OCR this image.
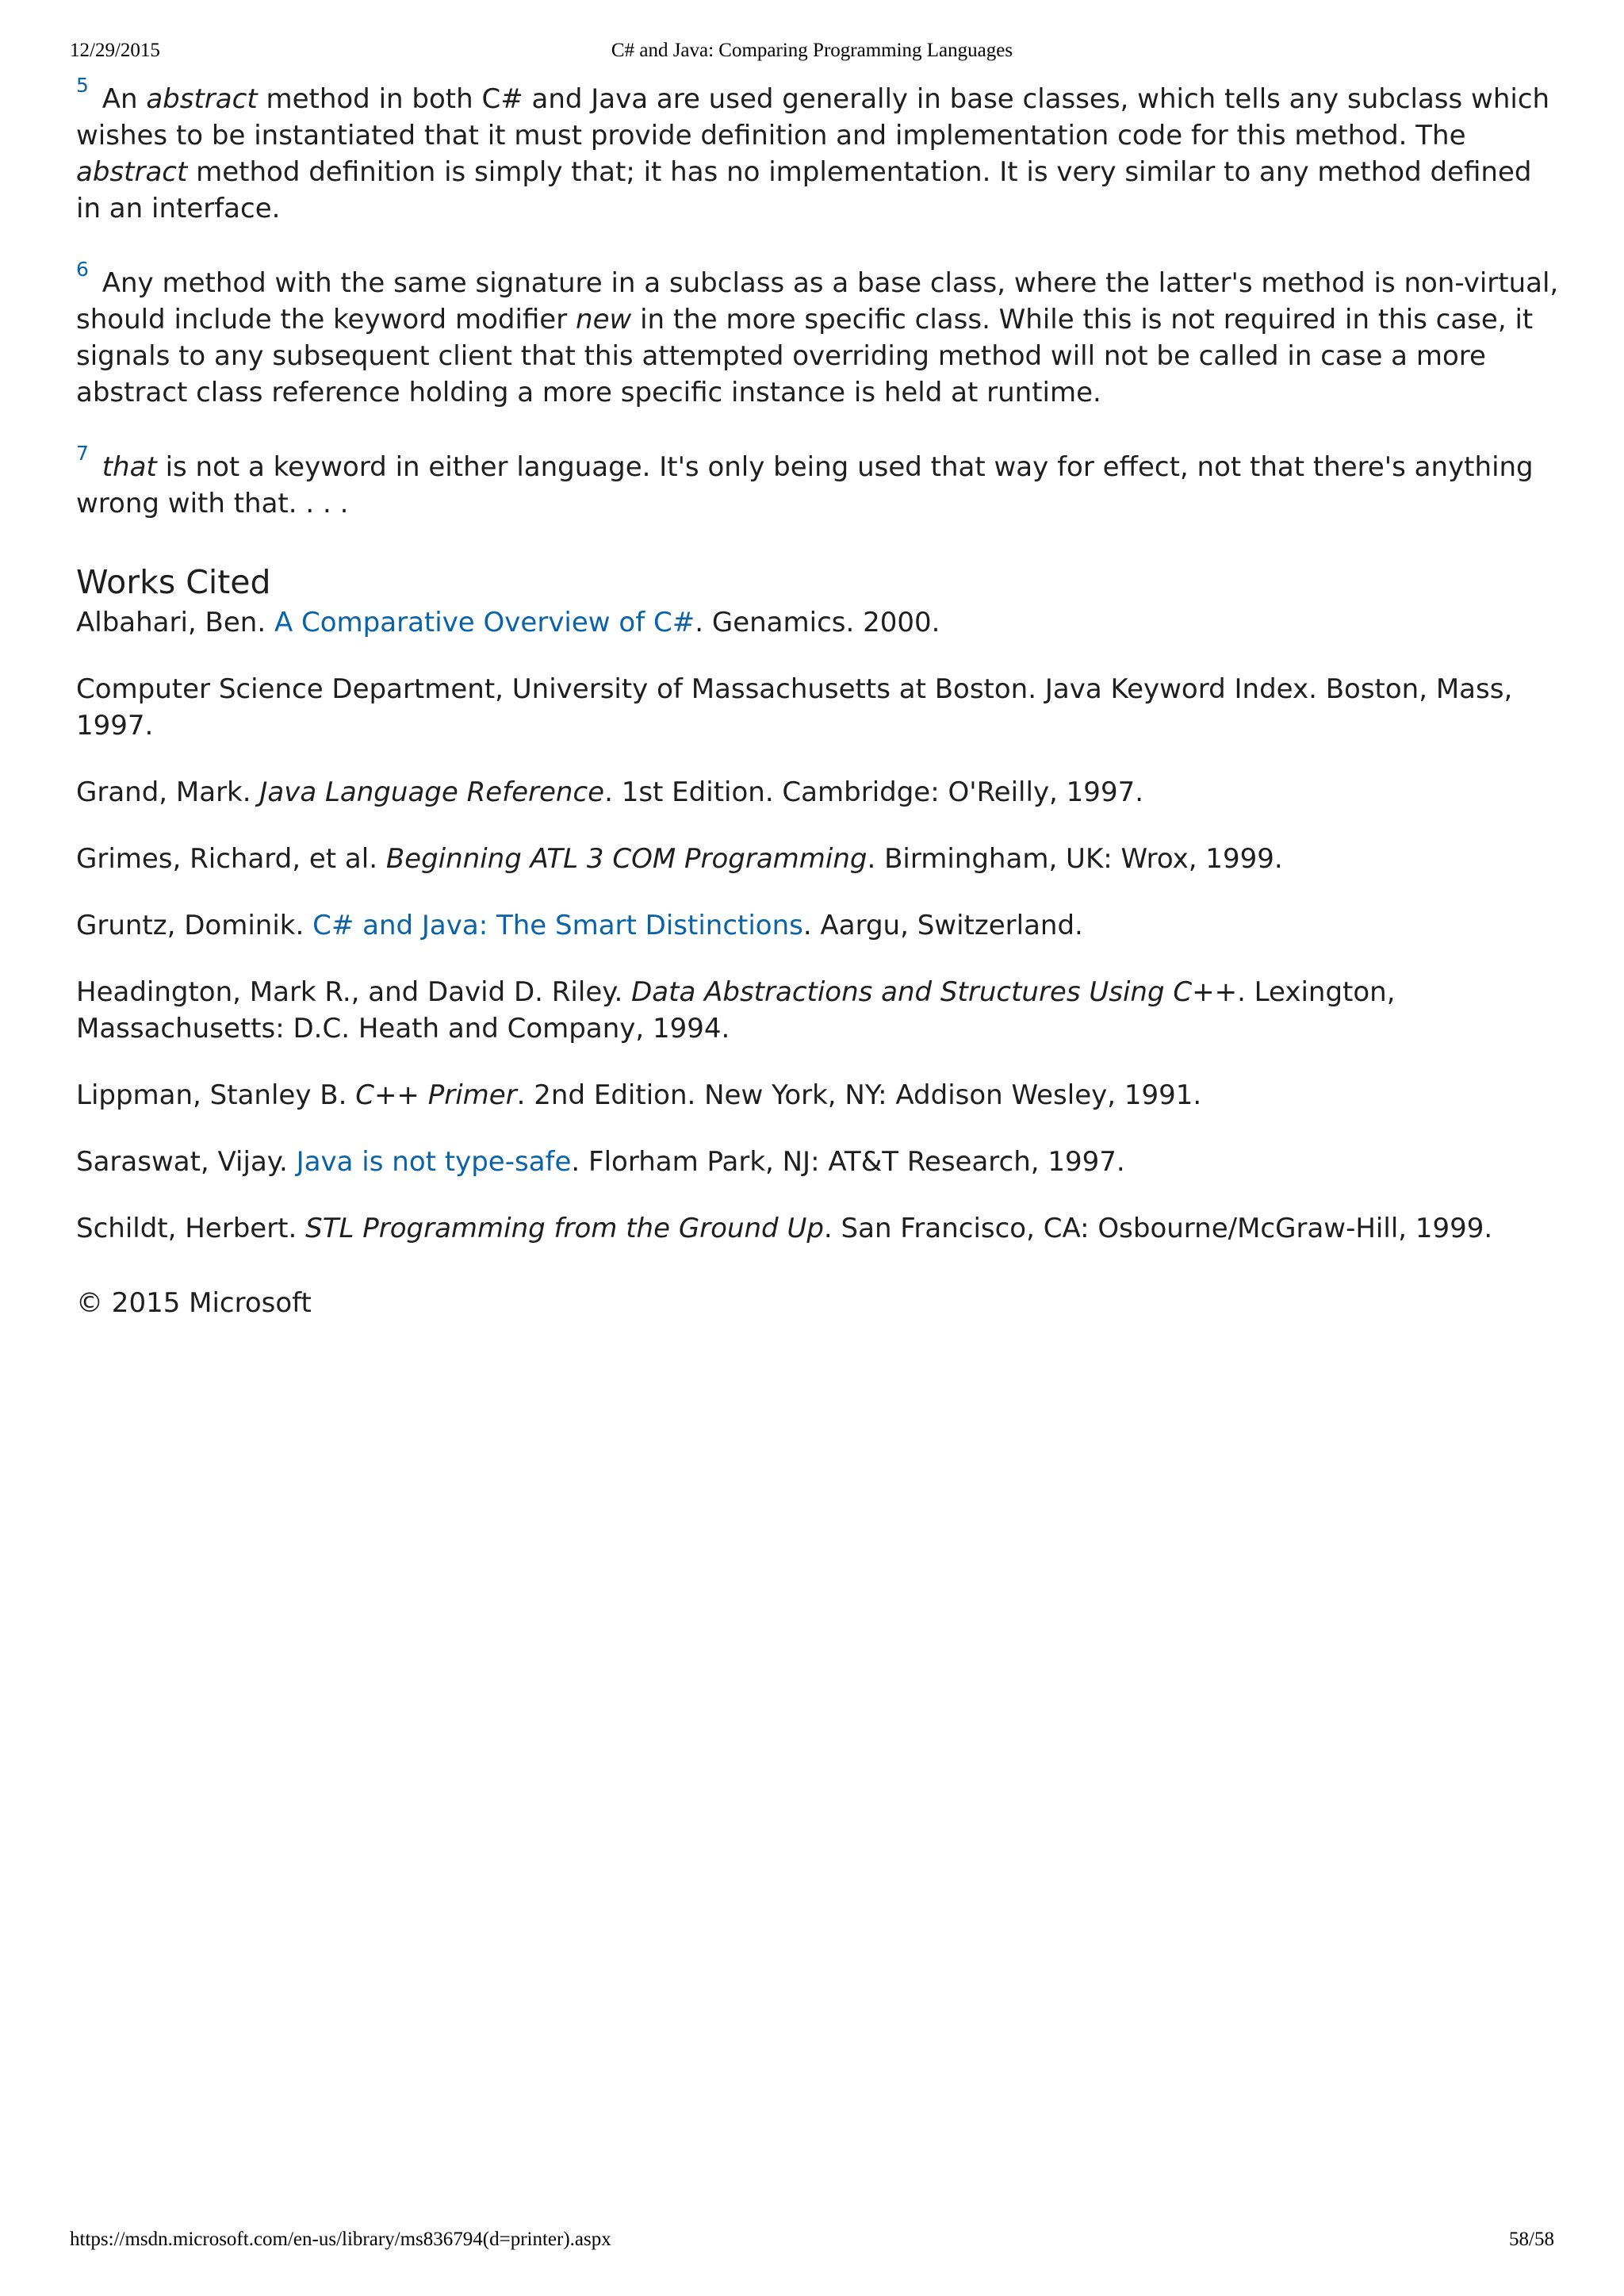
12/29/2015	C# and Java: Comparing Programming Languages

$^5$ An abstract method in both C# and Java are used generally in base classes, which tells any subclass which wishes to be instantiated that it must provide definition and implementation code for this method. The abstract method definition is simply that; it has no implementation. It is very similar to any method defined in an interface.

$^6$ Any method with the same signature in a subclass as a base class, where the latter's method is non-virtual, should include the keyword modifier new in the more specific class. While this is not required in this case, it signals to any subsequent client that this attempted overriding method will not be called in case a more abstract class reference holding a more specific instance is held at runtime.

$^7$ that is not a keyword in either language. It's only being used that way for effect, not that there's anything wrong with that. . . .

Works Cited

Albahari, Ben. A Comparative Overview of C#. Genamics. 2000.

Computer Science Department, University of Massachusetts at Boston. Java Keyword Index. Boston, Mass, 1997.

Grand, Mark. Java Language Reference. 1st Edition. Cambridge: O'Reilly, 1997.

Grimes, Richard, et al. Beginning ATL 3 COM Programming. Birmingham, UK: Wrox, 1999.

Gruntz, Dominik. C# and Java: The Smart Distinctions. Aargu, Switzerland.

Headington, Mark R., and David D. Riley. Data Abstractions and Structures Using C++. Lexington, Massachusetts: D.C. Heath and Company, 1994.

Lippman, Stanley B. C++ Primer. 2nd Edition. New York, NY: Addison Wesley, 1991.

Saraswat, Vijay. Java is not type-safe. Florham Park, NJ: AT&T Research, 1997.

Schildt, Herbert. STL Programming from the Ground Up. San Francisco, CA: Osbourne/McGraw-Hill, 1999.

© 2015 Microsoft

https://msdn.microsoft.com/en-us/library/ms836794(d=printer).aspx	58/58
